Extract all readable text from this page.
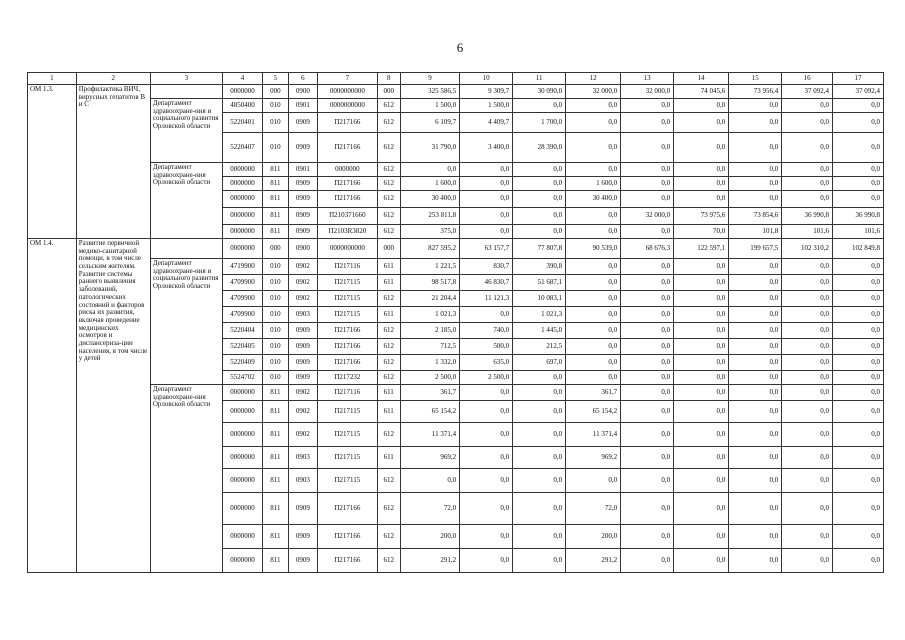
6
1	2	3	4	5	6	7	8	9	10	11	12	13	14	15	16	17
ОМ 1.3.	Профилактика ВИЧ, вирусных гепатитов В и С		0000000	000	0900	0000000000	000	325 586,5	9 309,7	30 090,0	32 000,0	32 000,0	74 045,6	73 956,4	37 092,4	37 092,4
		Департамент здравоохране-ния и социального развития Орловской области	4850400	010	0901	0000000000	612	1 500,0	1 500,0	0,0	0,0	0,0	0,0	0,0	0,0	0,0
			5220401	010	0909	П217166	612	6 109,7	4 409,7	1 700,0	0,0	0,0	0,0	0,0	0,0	0,0
			5220407	010	0909	П217166	612	31 790,0	3 400,0	28 390,0	0,0	0,0	0,0	0,0	0,0	0,0
		Департамент здравоохране-ния Орловской области	0000000	811	0901	0000000	612	0,0	0,0	0,0	0,0	0,0	0,0	0,0	0,0	0,0
			0000000	811	0909	П217166	612	1 600,0	0,0	0,0	1 600,0	0,0	0,0	0,0	0,0	0,0
			0000000	811	0909	П217166	612	30 400,0	0,0	0,0	30 400,0	0,0	0,0	0,0	0,0	0,0
			0000000	811	0909	П210371660	612	253 811,8	0,0	0,0	0,0	32 000,0	73 975,6	73 854,6	36 990,8	36 990,8
			0000000	811	0909	П2103R3820	612	375,0	0,0	0,0	0,0	0,0	70,0	101,8	101,6	101,6
ОМ 1.4.	Развитие первичной медико-санитарной помощи, в том числе сельским жителям. Развитие системы раннего выявления заболеваний, патологических состояний и факторов риска их развития, включая проведение медицинских осмотров и диспансериза-ции населения, в том числе у детей		0000000	000	0900	0000000000	000	827 595,2	63 157,7	77 807,8	90 539,0	68 676,3	122 597,1	199 657,5	102 310,2	102 849,8
		Департамент здравоохране-ния и социального развития Орловской области	4719900	010	0902	П217116	611	1 221,5	830,7	390,8	0,0	0,0	0,0	0,0	0,0	0,0
			4709900	010	0902	П217115	611	98 517,8	46 830,7	51 687,1	0,0	0,0	0,0	0,0	0,0	0,0
			4709900	010	0902	П217115	612	21 204,4	11 121,3	10 083,1	0,0	0,0	0,0	0,0	0,0	0,0
			4709900	010	0903	П217115	611	1 021,3	0,0	1 021,3	0,0	0,0	0,0	0,0	0,0	0,0
			5220404	010	0909	П217166	612	2 185,0	740,0	1 445,0	0,0	0,0	0,0	0,0	0,0	0,0
			5220405	010	0909	П217166	612	712,5	500,0	212,5	0,0	0,0	0,0	0,0	0,0	0,0
			5220409	010	0909	П217166	612	1 332,0	635,0	697,0	0,0	0,0	0,0	0,0	0,0	0,0
			5524702	010	0909	П217232	612	2 500,0	2 500,0	0,0	0,0	0,0	0,0	0,0	0,0	0,0
		Департамент здравоохране-ния Орловской области	0000000	811	0902	П217116	611	361,7	0,0	0,0	361,7	0,0	0,0	0,0	0,0	0,0
			0000000	811	0902	П217115	611	65 154,2	0,0	0,0	65 154,2	0,0	0,0	0,0	0,0	0,0
			0000000	811	0902	П217115	612	11 371,4	0,0	0,0	11 371,4	0,0	0,0	0,0	0,0	0,0
			0000000	811	0903	П217115	611	969,2	0,0	0,0	969,2	0,0	0,0	0,0	0,0	0,0
			0000000	811	0903	П217115	612	0,0	0,0	0,0	0,0	0,0	0,0	0,0	0,0	0,0
			0000000	811	0909	П217166	612	72,0	0,0	0,0	72,0	0,0	0,0	0,0	0,0	0,0
			0000000	811	0909	П217166	612	200,0	0,0	0,0	200,0	0,0	0,0	0,0	0,0	0,0
			0000000	811	0909	П217166	612	291,2	0,0	0,0	291,2	0,0	0,0	0,0	0,0	0,0
